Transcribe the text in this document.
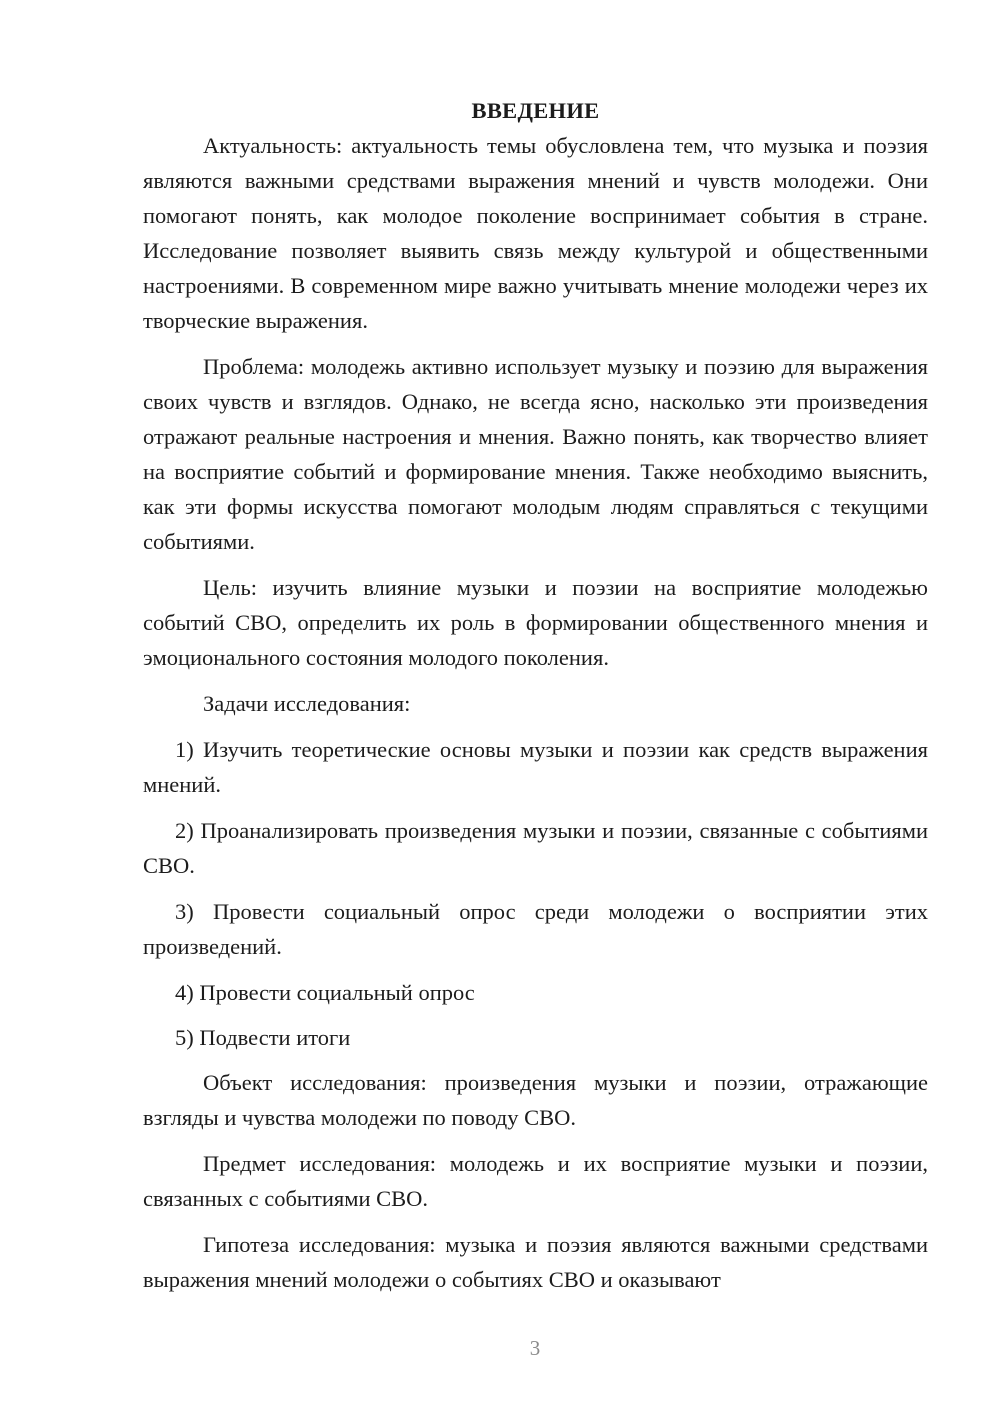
ВВЕДЕНИЕ

Актуальность: актуальность темы обусловлена тем, что музыка и поэзия являются важными средствами выражения мнений и чувств молодежи. Они помогают понять, как молодое поколение воспринимает события в стране. Исследование позволяет выявить связь между культурой и общественными настроениями. В современном мире важно учитывать мнение молодежи через их творческие выражения.

Проблема: молодежь активно использует музыку и поэзию для выражения своих чувств и взглядов. Однако, не всегда ясно, насколько эти произведения отражают реальные настроения и мнения. Важно понять, как творчество влияет на восприятие событий и формирование мнения. Также необходимо выяснить, как эти формы искусства помогают молодым людям справляться с текущими событиями.

Цель: изучить влияние музыки и поэзии на восприятие молодежью событий СВО, определить их роль в формировании общественного мнения и эмоционального состояния молодого поколения.

Задачи исследования:

1) Изучить теоретические основы музыки и поэзии как средств выражения мнений.

2) Проанализировать произведения музыки и поэзии, связанные с событиями СВО.

3) Провести социальный опрос среди молодежи о восприятии этих произведений.

4) Провести социальный опрос

5) Подвести итоги

Объект исследования: произведения музыки и поэзии, отражающие взгляды и чувства молодежи по поводу СВО.

Предмет исследования: молодежь и их восприятие музыки и поэзии, связанных с событиями СВО.

Гипотеза исследования: музыка и поэзия являются важными средствами выражения мнений молодежи о событиях СВО и оказывают

3
